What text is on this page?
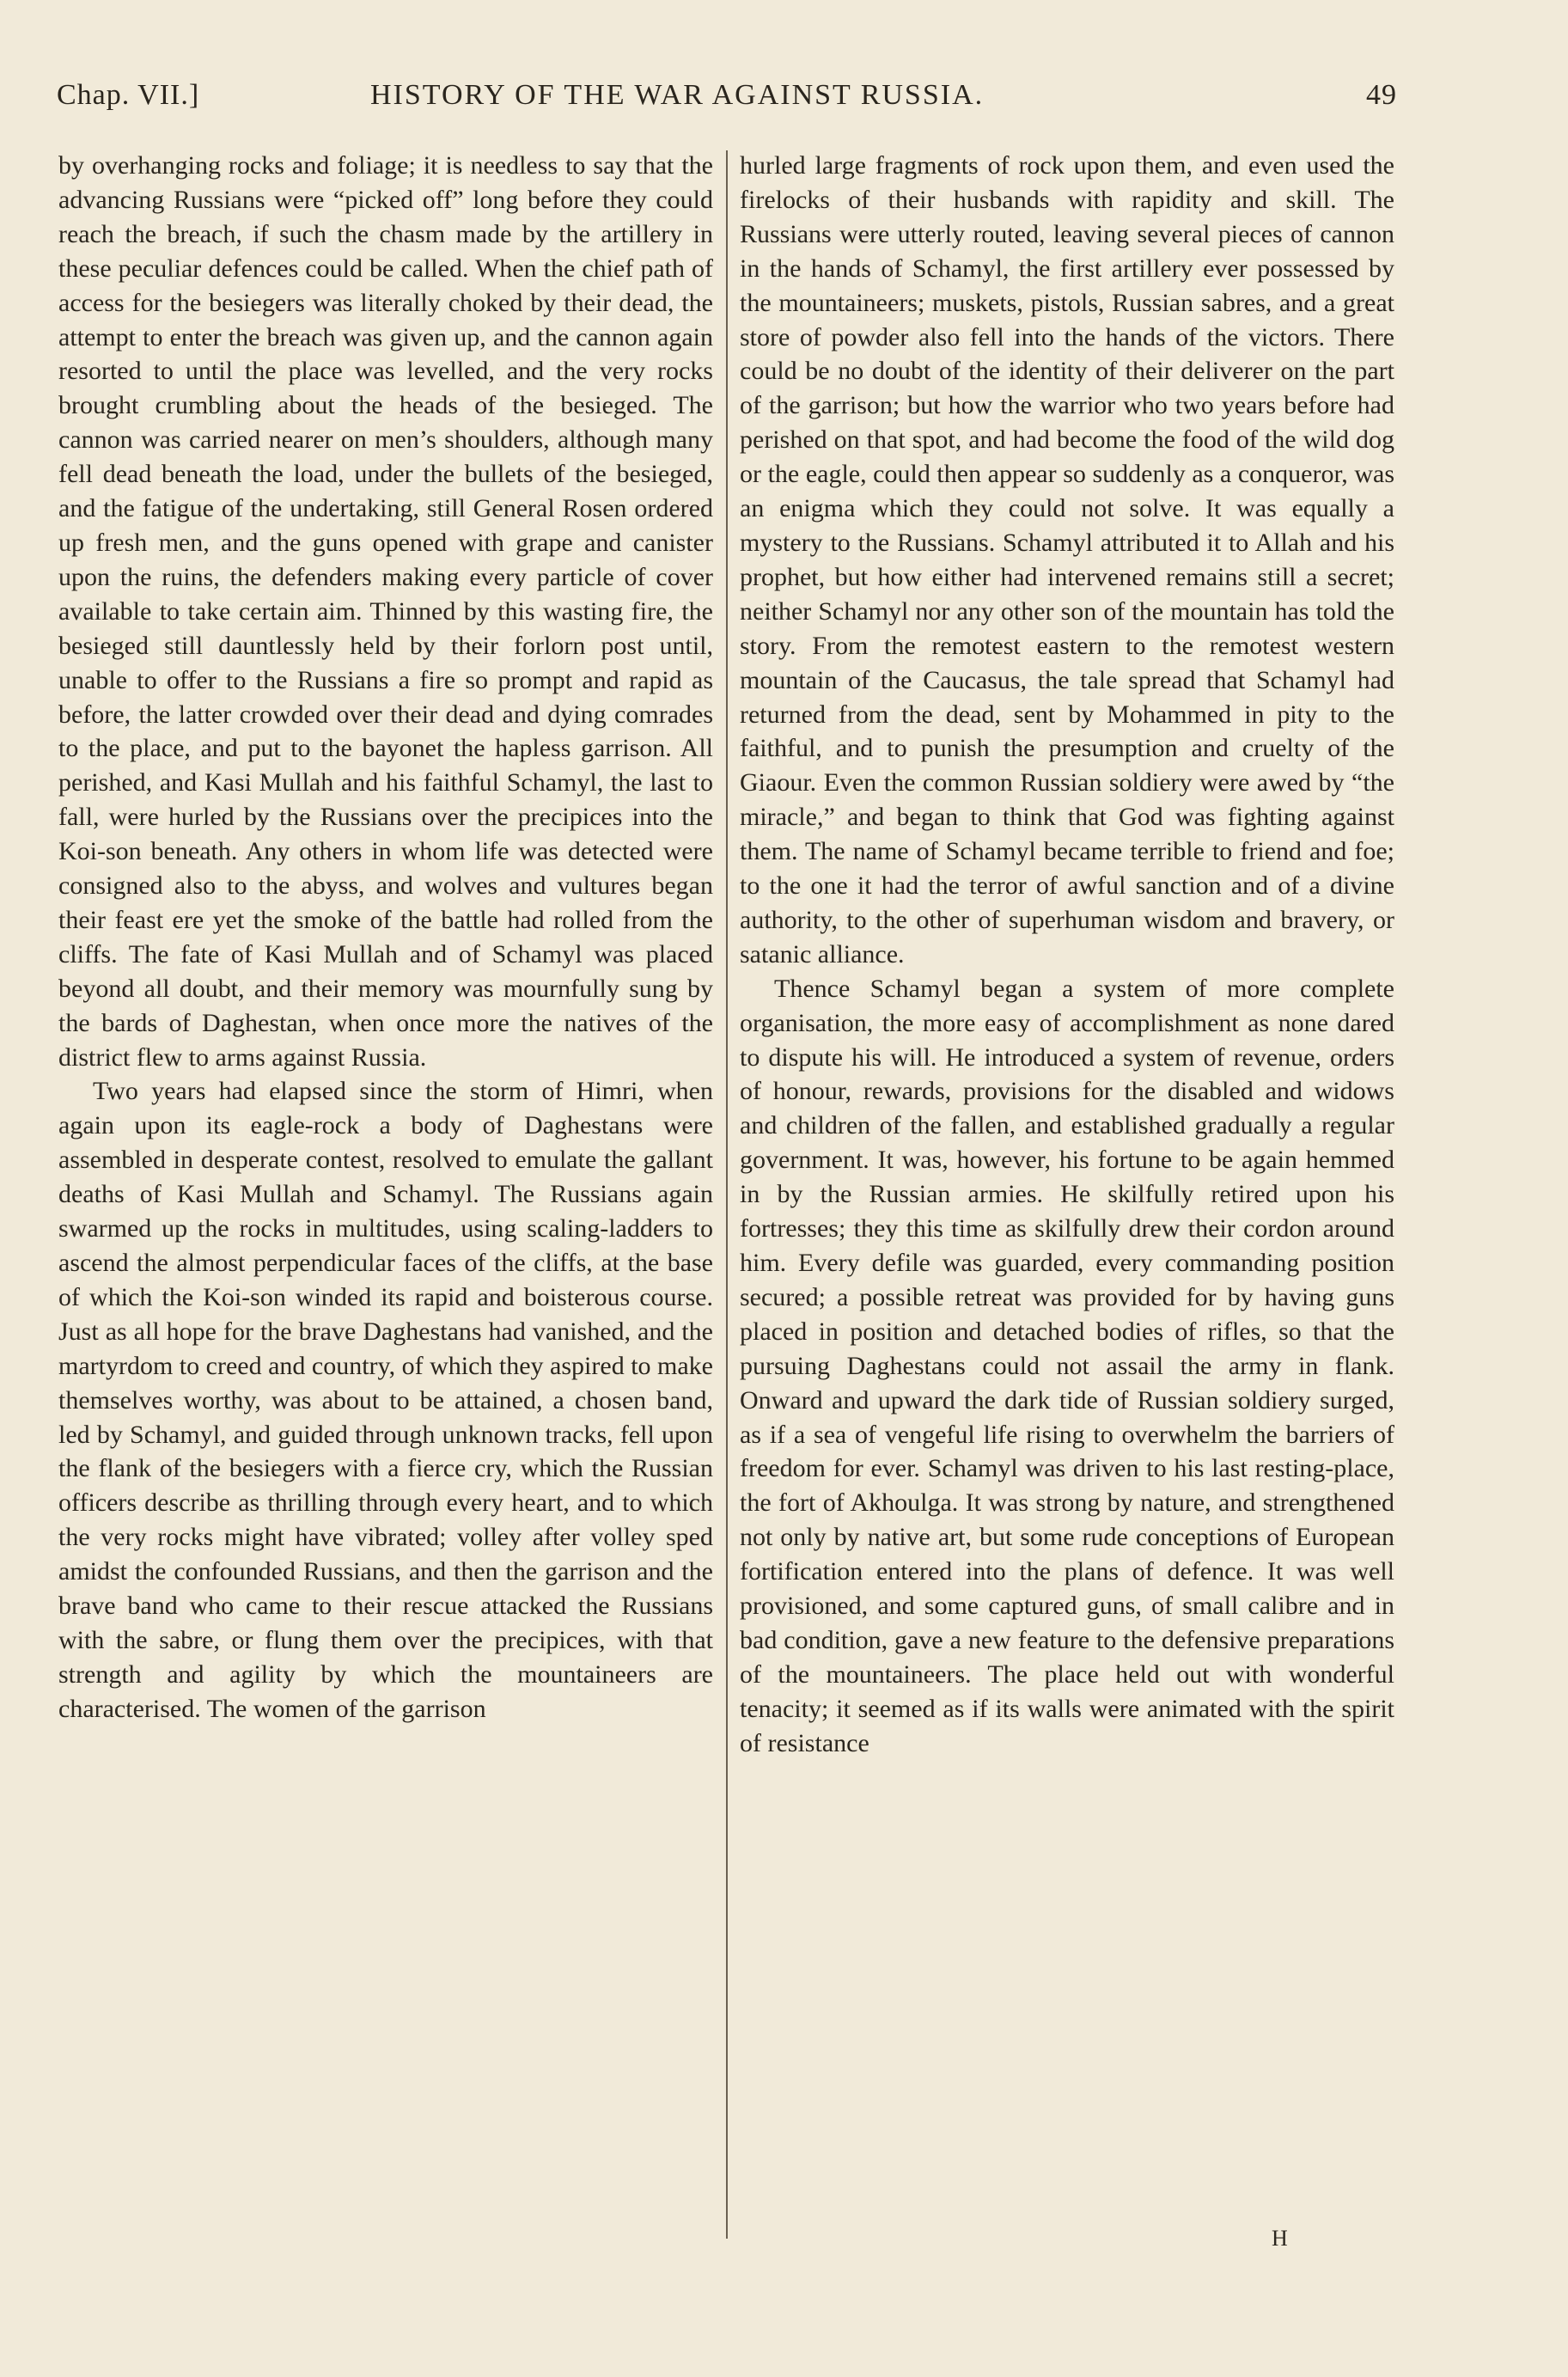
Chap. VII.]	HISTORY OF THE WAR AGAINST RUSSIA.	49

by overhanging rocks and foliage; it is needless to say that the advancing Russians were “picked off” long before they could reach the breach, if such the chasm made by the artillery in these peculiar defences could be called. When the chief path of access for the besiegers was literally choked by their dead, the attempt to enter the breach was given up, and the cannon again resorted to until the place was levelled, and the very rocks brought crumbling about the heads of the besieged. The cannon was carried nearer on men’s shoulders, although many fell dead beneath the load, under the bullets of the besieged, and the fatigue of the undertaking, still General Rosen ordered up fresh men, and the guns opened with grape and canister upon the ruins, the defenders making every particle of cover available to take certain aim. Thinned by this wasting fire, the besieged still dauntlessly held by their forlorn post until, unable to offer to the Russians a fire so prompt and rapid as before, the latter crowded over their dead and dying comrades to the place, and put to the bayonet the hapless garrison. All perished, and Kasi Mullah and his faithful Schamyl, the last to fall, were hurled by the Russians over the precipices into the Koi-son beneath. Any others in whom life was detected were consigned also to the abyss, and wolves and vultures began their feast ere yet the smoke of the battle had rolled from the cliffs. The fate of Kasi Mullah and of Schamyl was placed beyond all doubt, and their memory was mournfully sung by the bards of Daghestan, when once more the natives of the district flew to arms against Russia.

Two years had elapsed since the storm of Himri, when again upon its eagle-rock a body of Daghestans were assembled in desperate contest, resolved to emulate the gallant deaths of Kasi Mullah and Schamyl. The Russians again swarmed up the rocks in multitudes, using scaling-ladders to ascend the almost perpendicular faces of the cliffs, at the base of which the Koi-son winded its rapid and boisterous course. Just as all hope for the brave Daghestans had vanished, and the martyrdom to creed and country, of which they aspired to make themselves worthy, was about to be attained, a chosen band, led by Schamyl, and guided through unknown tracks, fell upon the flank of the besiegers with a fierce cry, which the Russian officers describe as thrilling through every heart, and to which the very rocks might have vibrated; volley after volley sped amidst the confounded Russians, and then the garrison and the brave band who came to their rescue attacked the Russians with the sabre, or flung them over the precipices, with that strength and agility by which the mountaineers are characterised. The women of the garrison

hurled large fragments of rock upon them, and even used the firelocks of their husbands with rapidity and skill. The Russians were utterly routed, leaving several pieces of cannon in the hands of Schamyl, the first artillery ever possessed by the mountaineers; muskets, pistols, Russian sabres, and a great store of powder also fell into the hands of the victors. There could be no doubt of the identity of their deliverer on the part of the garrison; but how the warrior who two years before had perished on that spot, and had become the food of the wild dog or the eagle, could then appear so suddenly as a conqueror, was an enigma which they could not solve. It was equally a mystery to the Russians. Schamyl attributed it to Allah and his prophet, but how either had intervened remains still a secret; neither Schamyl nor any other son of the mountain has told the story. From the remotest eastern to the remotest western mountain of the Caucasus, the tale spread that Schamyl had returned from the dead, sent by Mohammed in pity to the faithful, and to punish the presumption and cruelty of the Giaour. Even the common Russian soldiery were awed by “the miracle,” and began to think that God was fighting against them. The name of Schamyl became terrible to friend and foe; to the one it had the terror of awful sanction and of a divine authority, to the other of superhuman wisdom and bravery, or satanic alliance.

Thence Schamyl began a system of more complete organisation, the more easy of accomplishment as none dared to dispute his will. He introduced a system of revenue, orders of honour, rewards, provisions for the disabled and widows and children of the fallen, and established gradually a regular government. It was, however, his fortune to be again hemmed in by the Russian armies. He skilfully retired upon his fortresses; they this time as skilfully drew their cordon around him. Every defile was guarded, every commanding position secured; a possible retreat was provided for by having guns placed in position and detached bodies of rifles, so that the pursuing Daghestans could not assail the army in flank. Onward and upward the dark tide of Russian soldiery surged, as if a sea of vengeful life rising to overwhelm the barriers of freedom for ever. Schamyl was driven to his last resting-place, the fort of Akhoulga. It was strong by nature, and strengthened not only by native art, but some rude conceptions of European fortification entered into the plans of defence. It was well provisioned, and some captured guns, of small calibre and in bad condition, gave a new feature to the defensive preparations of the mountaineers. The place held out with wonderful tenacity; it seemed as if its walls were animated with the spirit of resistance

H
